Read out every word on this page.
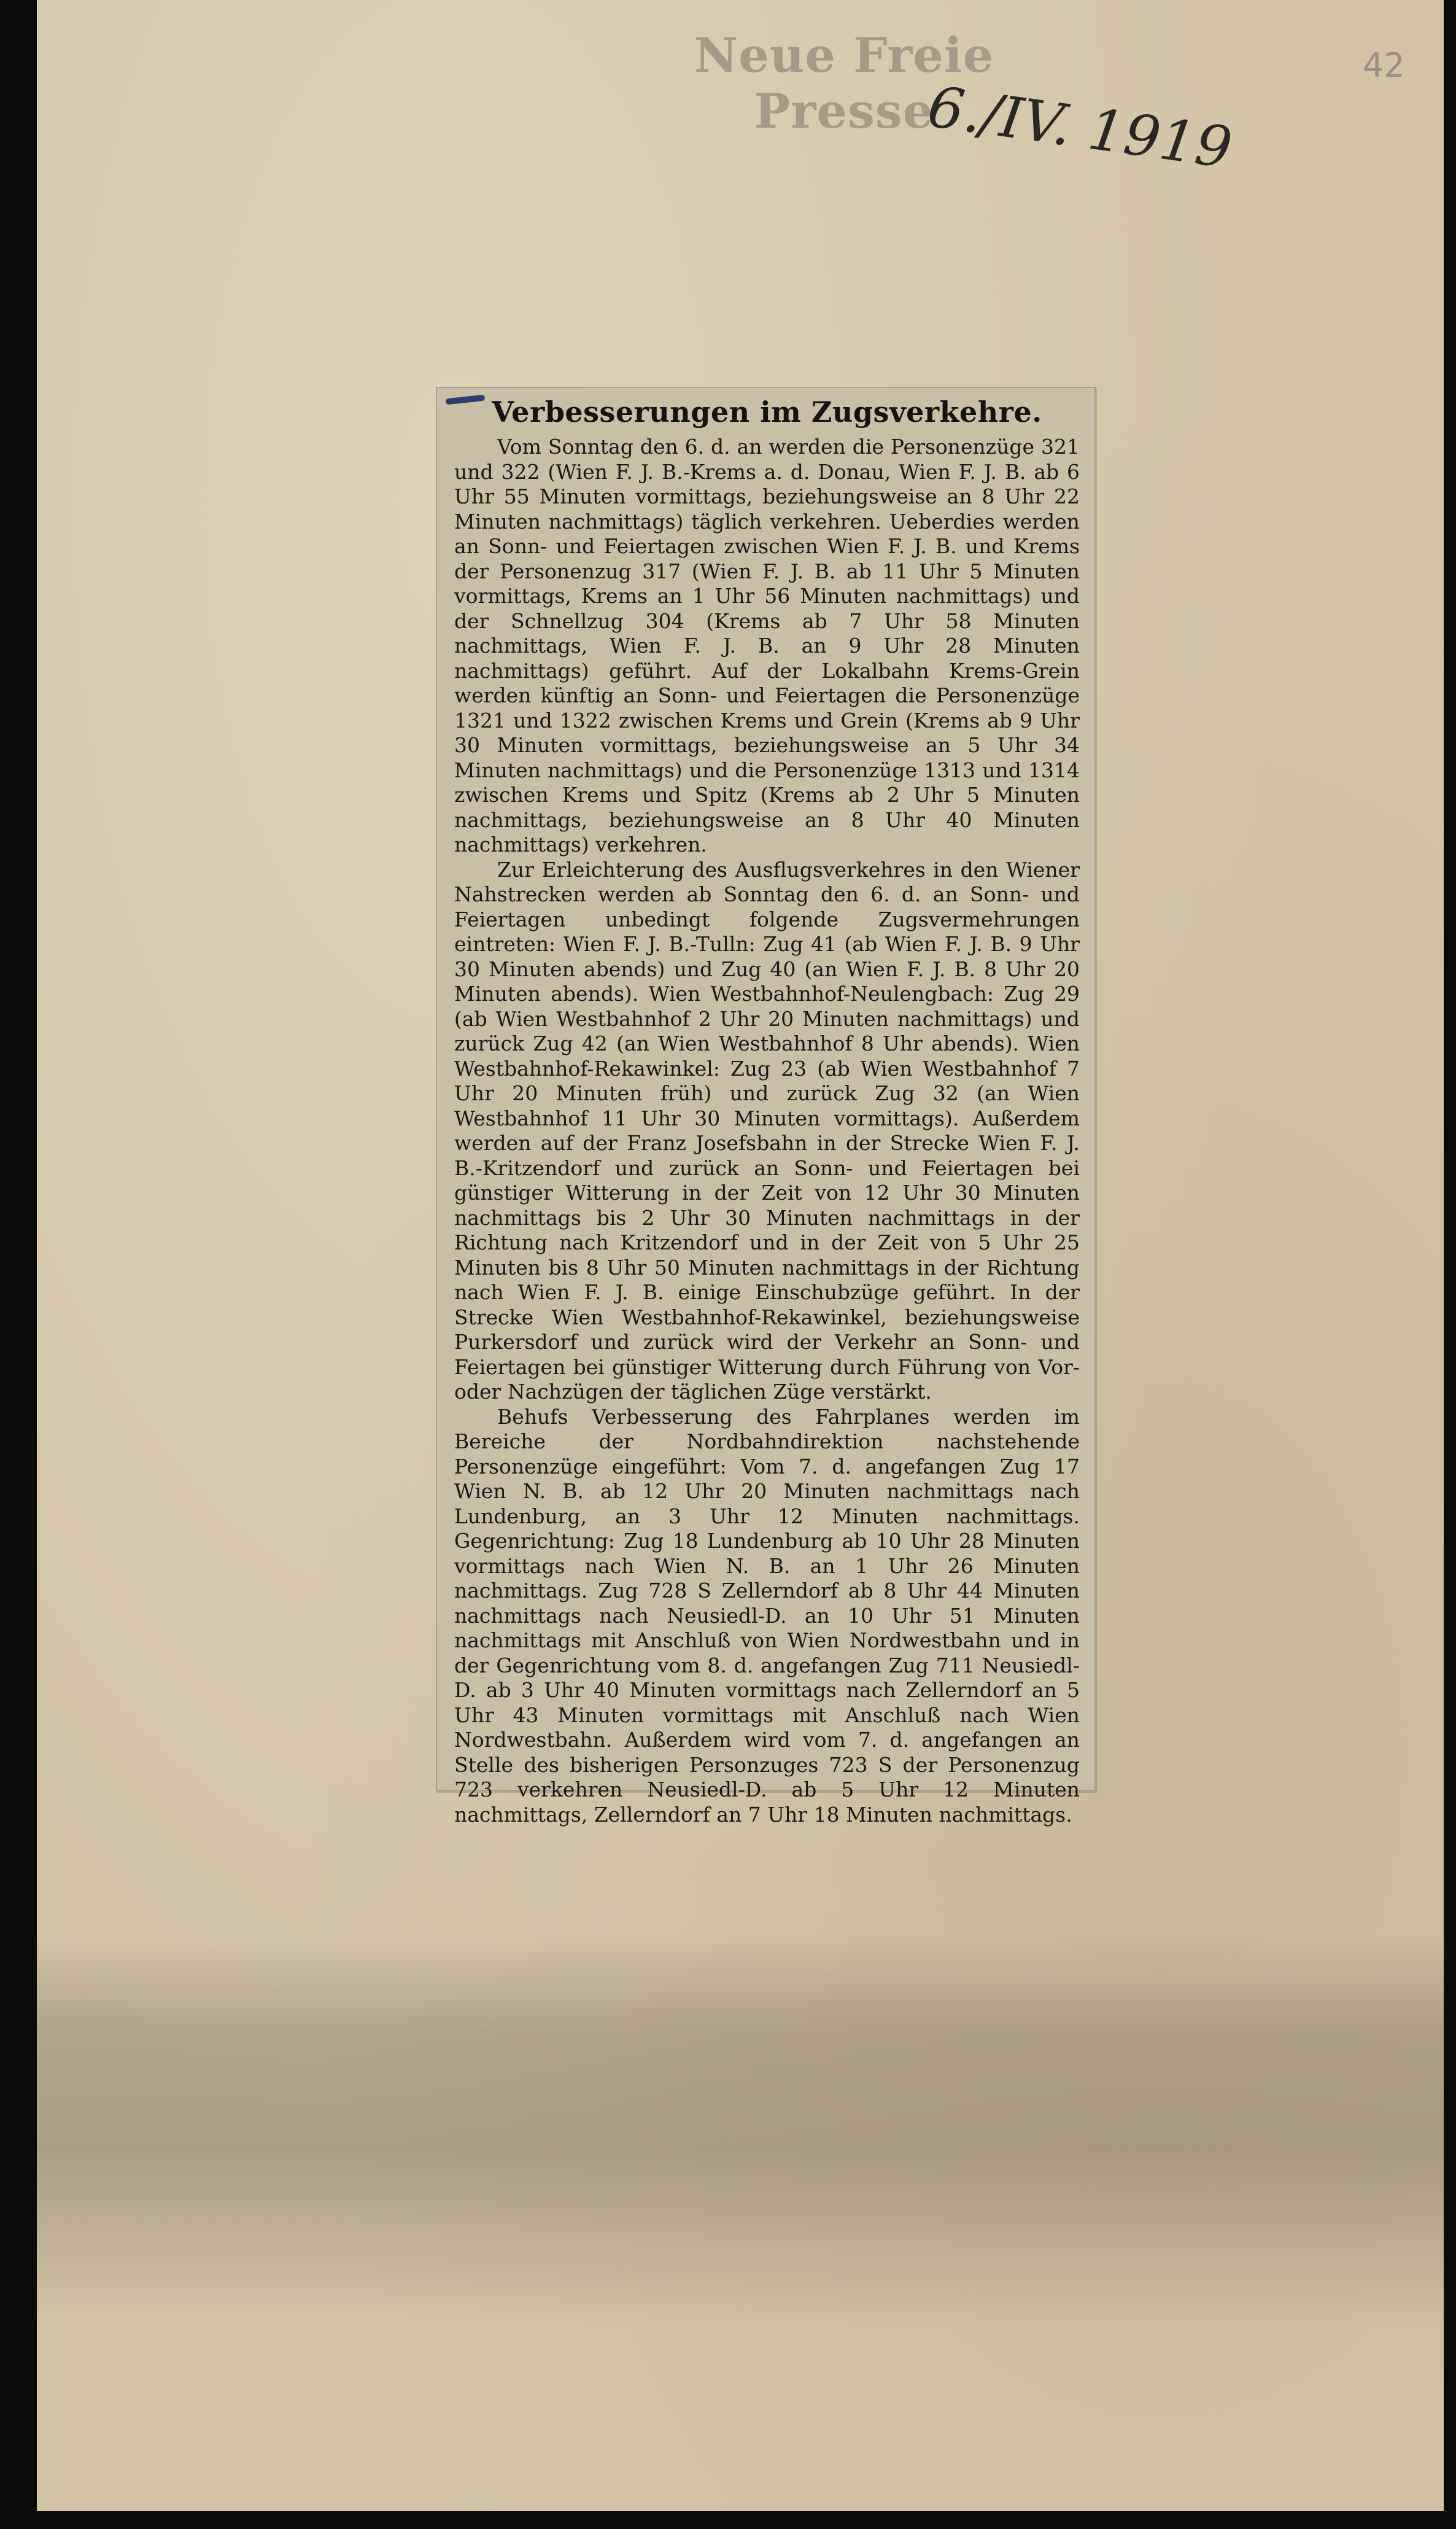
Neue Freie Presse
6./IV. 1919
42
Verbesserungen im Zugsverkehre.

Vom Sonntag den 6. d. an werden die Personenzüge 321 und 322 (Wien F. J. B.-Krems a. d. Donau, Wien F. J. B. ab 6 Uhr 55 Minuten vormittags, beziehungsweise an 8 Uhr 22 Minuten nachmittags) täglich verkehren. Ueberdies werden an Sonn- und Feiertagen zwischen Wien F. J. B. und Krems der Personenzug 317 (Wien F. J. B. ab 11 Uhr 5 Minuten vormittags, Krems an 1 Uhr 56 Minuten nachmittags) und der Schnellzug 304 (Krems ab 7 Uhr 58 Minuten nachmittags, Wien F. J. B. an 9 Uhr 28 Minuten nachmittags) geführt. Auf der Lokalbahn Krems-Grein werden künftig an Sonn- und Feiertagen die Personenzüge 1321 und 1322 zwischen Krems und Grein (Krems ab 9 Uhr 30 Minuten vormittags, beziehungsweise an 5 Uhr 34 Minuten nachmittags) und die Personenzüge 1313 und 1314 zwischen Krems und Spitz (Krems ab 2 Uhr 5 Minuten nachmittags, beziehungsweise an 8 Uhr 40 Minuten nachmittags) verkehren.

Zur Erleichterung des Ausflugsverkehres in den Wiener Nahstrecken werden ab Sonntag den 6. d. an Sonn- und Feiertagen unbedingt folgende Zugsvermehrungen eintreten: Wien F. J. B.-Tulln: Zug 41 (ab Wien F. J. B. 9 Uhr 30 Minuten abends) und Zug 40 (an Wien F. J. B. 8 Uhr 20 Minuten abends). Wien Westbahnhof-Neulengbach: Zug 29 (ab Wien Westbahnhof 2 Uhr 20 Minuten nachmittags) und zurück Zug 42 (an Wien Westbahnhof 8 Uhr abends). Wien Westbahnhof-Rekawinkel: Zug 23 (ab Wien Westbahnhof 7 Uhr 20 Minuten früh) und zurück Zug 32 (an Wien Westbahnhof 11 Uhr 30 Minuten vormittags). Außerdem werden auf der Franz Josefsbahn in der Strecke Wien F. J. B.-Kritzendorf und zurück an Sonn- und Feiertagen bei günstiger Witterung in der Zeit von 12 Uhr 30 Minuten nachmittags bis 2 Uhr 30 Minuten nachmittags in der Richtung nach Kritzendorf und in der Zeit von 5 Uhr 25 Minuten bis 8 Uhr 50 Minuten nachmittags in der Richtung nach Wien F. J. B. einige Einschubzüge geführt. In der Strecke Wien Westbahnhof-Rekawinkel, beziehungsweise Purkersdorf und zurück wird der Verkehr an Sonn- und Feiertagen bei günstiger Witterung durch Führung von Vor- oder Nachzügen der täglichen Züge verstärkt.

Behufs Verbesserung des Fahrplanes werden im Bereiche der Nordbahndirektion nachstehende Personenzüge eingeführt: Vom 7. d. angefangen Zug 17 Wien N. B. ab 12 Uhr 20 Minuten nachmittags nach Lundenburg, an 3 Uhr 12 Minuten nachmittags. Gegenrichtung: Zug 18 Lundenburg ab 10 Uhr 28 Minuten vormittags nach Wien N. B. an 1 Uhr 26 Minuten nachmittags. Zug 728 S Zellerndorf ab 8 Uhr 44 Minuten nachmittags nach Neusiedl-D. an 10 Uhr 51 Minuten nachmittags mit Anschluß von Wien Nordwestbahn und in der Gegenrichtung vom 8. d. angefangen Zug 711 Neusiedl-D. ab 3 Uhr 40 Minuten vormittags nach Zellerndorf an 5 Uhr 43 Minuten vormittags mit Anschluß nach Wien Nordwestbahn. Außerdem wird vom 7. d. angefangen an Stelle des bisherigen Personzuges 723 S der Personenzug 723 verkehren Neusiedl-D. ab 5 Uhr 12 Minuten nachmittags, Zellerndorf an 7 Uhr 18 Minuten nachmittags.
